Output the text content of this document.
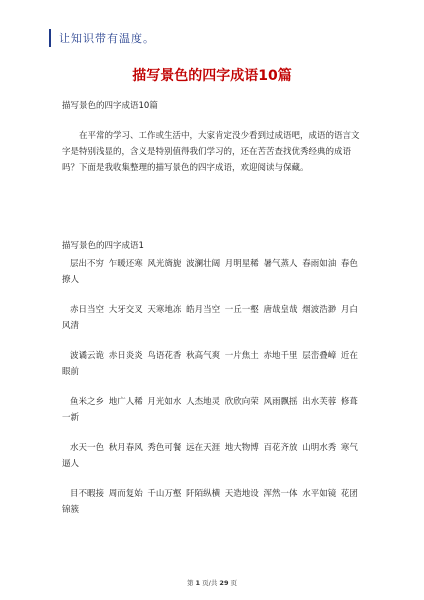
让知识带有温度。
描写景色的四字成语10篇
描写景色的四字成语10篇
在平常的学习、工作或生活中，大家肯定没少看到过成语吧，成语的语言文字是特别浅显的，含义是特别值得我们学习的，还在苦苦查找优秀经典的成语吗？下面是我收集整理的描写景色的四字成语，欢迎阅读与保藏。
描写景色的四字成语1
层出不穷 乍暖还寒 风光旖旎 波澜壮阔 月明星稀 暑气蒸人 春雨如油 春色撩人
赤日当空 大牙交叉 天寒地冻 皓月当空 一丘一壑 唐哉皇哉 烟波浩渺 月白风清
波谲云诡 赤日炎炎 鸟语花香 秋高气爽 一片焦土 赤地千里 层峦叠嶂 近在眼前
鱼米之乡 地广人稀 月光如水 人杰地灵 欣欣向荣 风雨飘摇 出水芙蓉 修葺一新
水天一色 秋月春风 秀色可餐 远在天涯 地大物博 百花齐放 山明水秀 寒气逼人
目不暇接 周而复始 千山万壑 阡陌纵横 天造地设 浑然一体 水平如镜 花团锦簇
第 1 页/共 29 页
